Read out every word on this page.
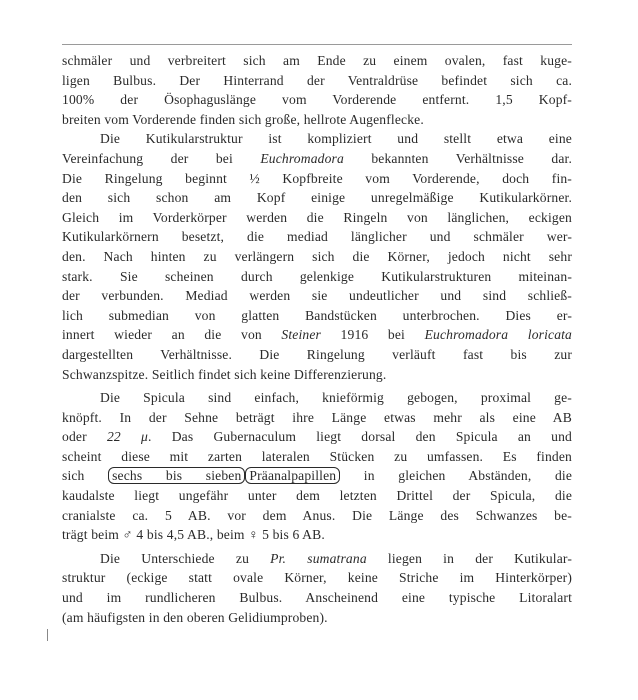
schmäler und verbreitert sich am Ende zu einem ovalen, fast kuge-
ligen Bulbus. Der Hinterrand der Ventraldrüse befindet sich ca.
100% der Ösophaguslänge vom Vorderende entfernt. 1,5 Kopf-
breiten vom Vorderende finden sich große, hellrote Augenflecke.
Die Kutikularstruktur ist kompliziert und stellt etwa eine
Vereinfachung der bei Euchromadora bekannten Verhältnisse dar.
Die Ringelung beginnt ½ Kopfbreite vom Vorderende, doch fin-
den sich schon am Kopf einige unregelmäßige Kutikularkörner.
Gleich im Vorderkörper werden die Ringeln von länglichen, eckigen
Kutikularkörnern besetzt, die mediad länglicher und schmäler wer-
den. Nach hinten zu verlängern sich die Körner, jedoch nicht sehr
stark. Sie scheinen durch gelenkige Kutikularstrukturen miteinan-
der verbunden. Mediad werden sie undeutlicher und sind schließ-
lich submedian von glatten Bandstücken unterbrochen. Dies er-
innert wieder an die von Steiner 1916 bei Euchromadora loricata
dargestellten Verhältnisse. Die Ringelung verläuft fast bis zur
Schwanzspitze. Seitlich findet sich keine Differenzierung.
Die Spicula sind einfach, knieförmig gebogen, proximal ge-
knöpft. In der Sehne beträgt ihre Länge etwas mehr als eine AB
oder 22 μ. Das Gubernaculum liegt dorsal den Spicula an und
scheint diese mit zarten lateralen Stücken zu umfassen. Es finden
sich sechs bis sieben Präanalpapillen in gleichen Abständen, die
kaudalste liegt ungefähr unter dem letzten Drittel der Spicula, die
cranialste ca. 5 AB. vor dem Anus. Die Länge des Schwanzes be-
trägt beim ♂ 4 bis 4,5 AB., beim ♀ 5 bis 6 AB.
Die Unterschiede zu Pr. sumatrana liegen in der Kutikular-
struktur (eckige statt ovale Körner, keine Striche im Hinterkörper)
und im rundlicheren Bulbus. Anscheinend eine typische Litoralart
(am häufigsten in den oberen Gelidiumproben).
